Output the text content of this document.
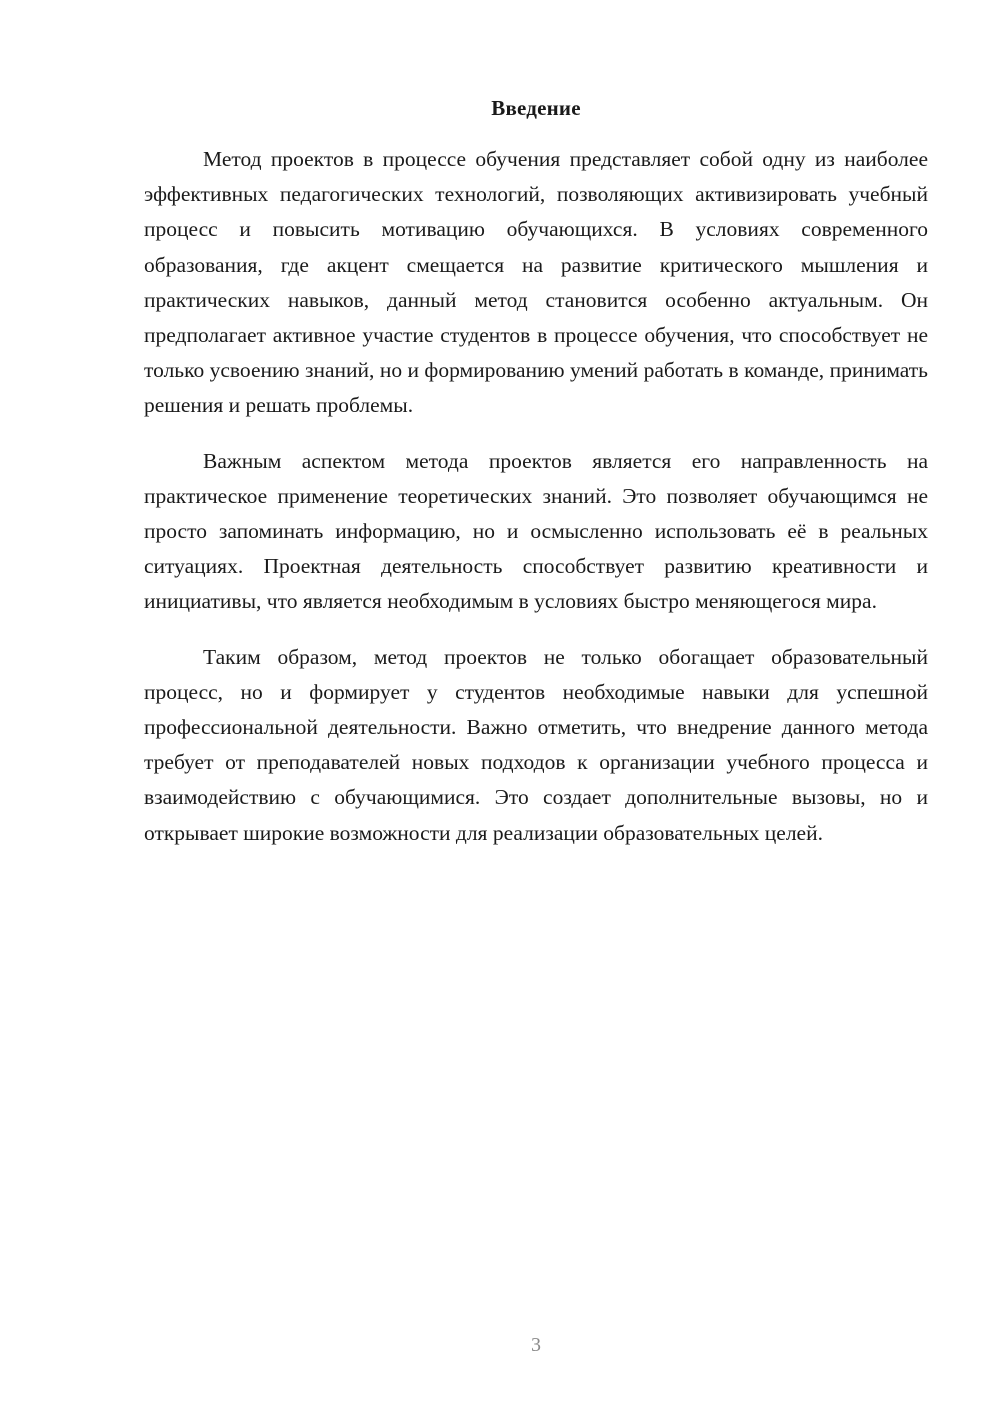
Введение

Метод проектов в процессе обучения представляет собой одну из наиболее эффективных педагогических технологий, позволяющих активизировать учебный процесс и повысить мотивацию обучающихся. В условиях современного образования, где акцент смещается на развитие критического мышления и практических навыков, данный метод становится особенно актуальным. Он предполагает активное участие студентов в процессе обучения, что способствует не только усвоению знаний, но и формированию умений работать в команде, принимать решения и решать проблемы.

Важным аспектом метода проектов является его направленность на практическое применение теоретических знаний. Это позволяет обучающимся не просто запоминать информацию, но и осмысленно использовать её в реальных ситуациях. Проектная деятельность способствует развитию креативности и инициативы, что является необходимым в условиях быстро меняющегося мира.

Таким образом, метод проектов не только обогащает образовательный процесс, но и формирует у студентов необходимые навыки для успешной профессиональной деятельности. Важно отметить, что внедрение данного метода требует от преподавателей новых подходов к организации учебного процесса и взаимодействию с обучающимися. Это создает дополнительные вызовы, но и открывает широкие возможности для реализации образовательных целей.

3
